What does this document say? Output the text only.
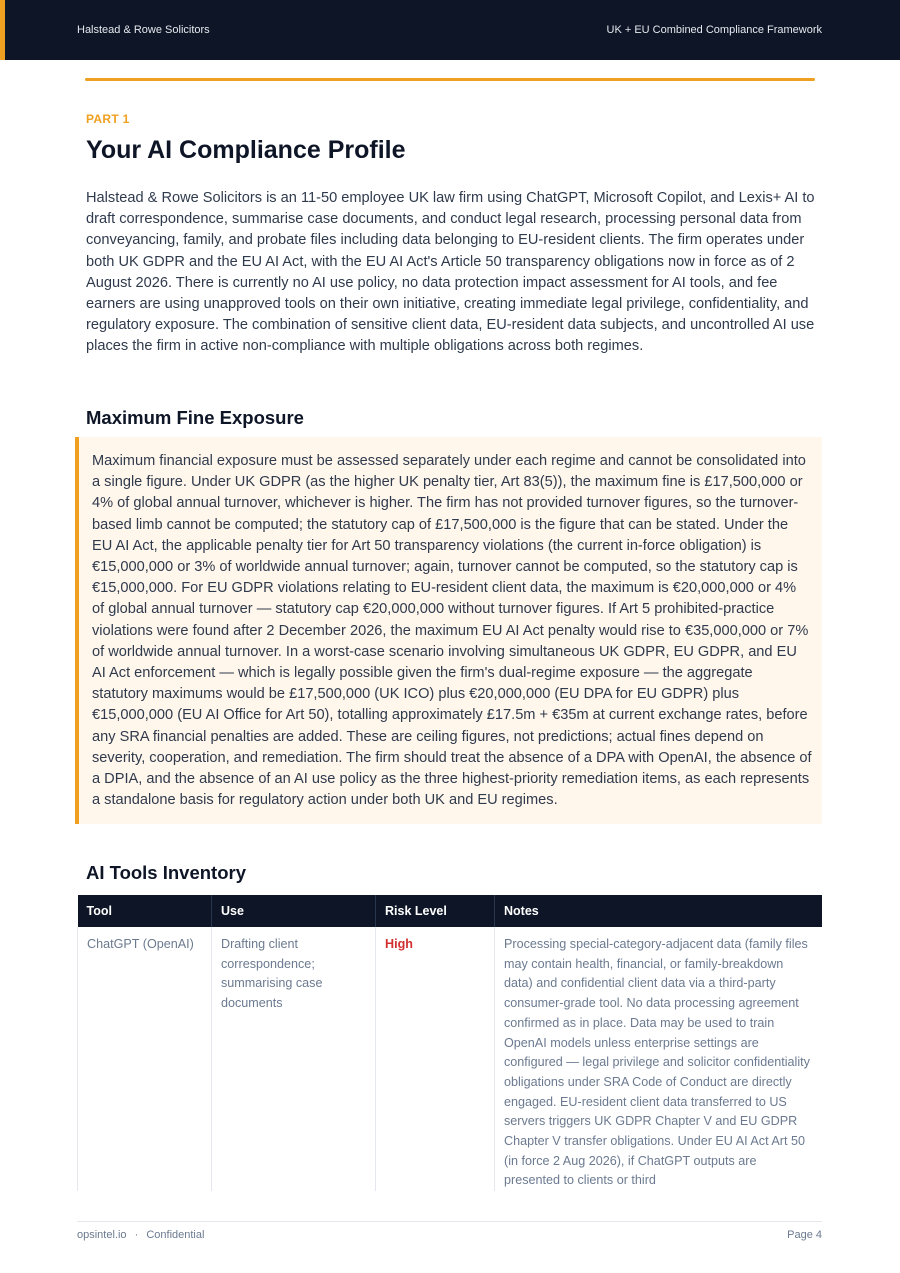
Halstead & Rowe Solicitors	UK + EU Combined Compliance Framework
PART 1
Your AI Compliance Profile

Halstead & Rowe Solicitors is an 11-50 employee UK law firm using ChatGPT, Microsoft Copilot, and Lexis+ AI to draft correspondence, summarise case documents, and conduct legal research, processing personal data from conveyancing, family, and probate files including data belonging to EU-resident clients. The firm operates under both UK GDPR and the EU AI Act, with the EU AI Act's Article 50 transparency obligations now in force as of 2 August 2026. There is currently no AI use policy, no data protection impact assessment for AI tools, and fee earners are using unapproved tools on their own initiative, creating immediate legal privilege, confidentiality, and regulatory exposure. The combination of sensitive client data, EU-resident data subjects, and uncontrolled AI use places the firm in active non-compliance with multiple obligations across both regimes.

Maximum Fine Exposure

Maximum financial exposure must be assessed separately under each regime and cannot be consolidated into a single figure. Under UK GDPR (as the higher UK penalty tier, Art 83(5)), the maximum fine is £17,500,000 or 4% of global annual turnover, whichever is higher. The firm has not provided turnover figures, so the turnover-based limb cannot be computed; the statutory cap of £17,500,000 is the figure that can be stated. Under the EU AI Act, the applicable penalty tier for Art 50 transparency violations (the current in-force obligation) is €15,000,000 or 3% of worldwide annual turnover; again, turnover cannot be computed, so the statutory cap is €15,000,000. For EU GDPR violations relating to EU-resident client data, the maximum is €20,000,000 or 4% of global annual turnover — statutory cap €20,000,000 without turnover figures. If Art 5 prohibited-practice violations were found after 2 December 2026, the maximum EU AI Act penalty would rise to €35,000,000 or 7% of worldwide annual turnover. In a worst-case scenario involving simultaneous UK GDPR, EU GDPR, and EU AI Act enforcement — which is legally possible given the firm's dual-regime exposure — the aggregate statutory maximums would be £17,500,000 (UK ICO) plus €20,000,000 (EU DPA for EU GDPR) plus €15,000,000 (EU AI Office for Art 50), totalling approximately £17.5m + €35m at current exchange rates, before any SRA financial penalties are added. These are ceiling figures, not predictions; actual fines depend on severity, cooperation, and remediation. The firm should treat the absence of a DPA with OpenAI, the absence of a DPIA, and the absence of an AI use policy as the three highest-priority remediation items, as each represents a standalone basis for regulatory action under both UK and EU regimes.

AI Tools Inventory
Tool	Use	Risk Level	Notes
ChatGPT (OpenAI)	Drafting client correspondence; summarising case documents	High	Processing special-category-adjacent data (family files may contain health, financial, or family-breakdown data) and confidential client data via a third-party consumer-grade tool. No data processing agreement confirmed as in place. Data may be used to train OpenAI models unless enterprise settings are configured — legal privilege and solicitor confidentiality obligations under SRA Code of Conduct are directly engaged. EU-resident client data transferred to US servers triggers UK GDPR Chapter V and EU GDPR Chapter V transfer obligations. Under EU AI Act Art 50 (in force 2 Aug 2026), if ChatGPT outputs are presented to clients or third
opsintel.io · Confidential	Page 4
